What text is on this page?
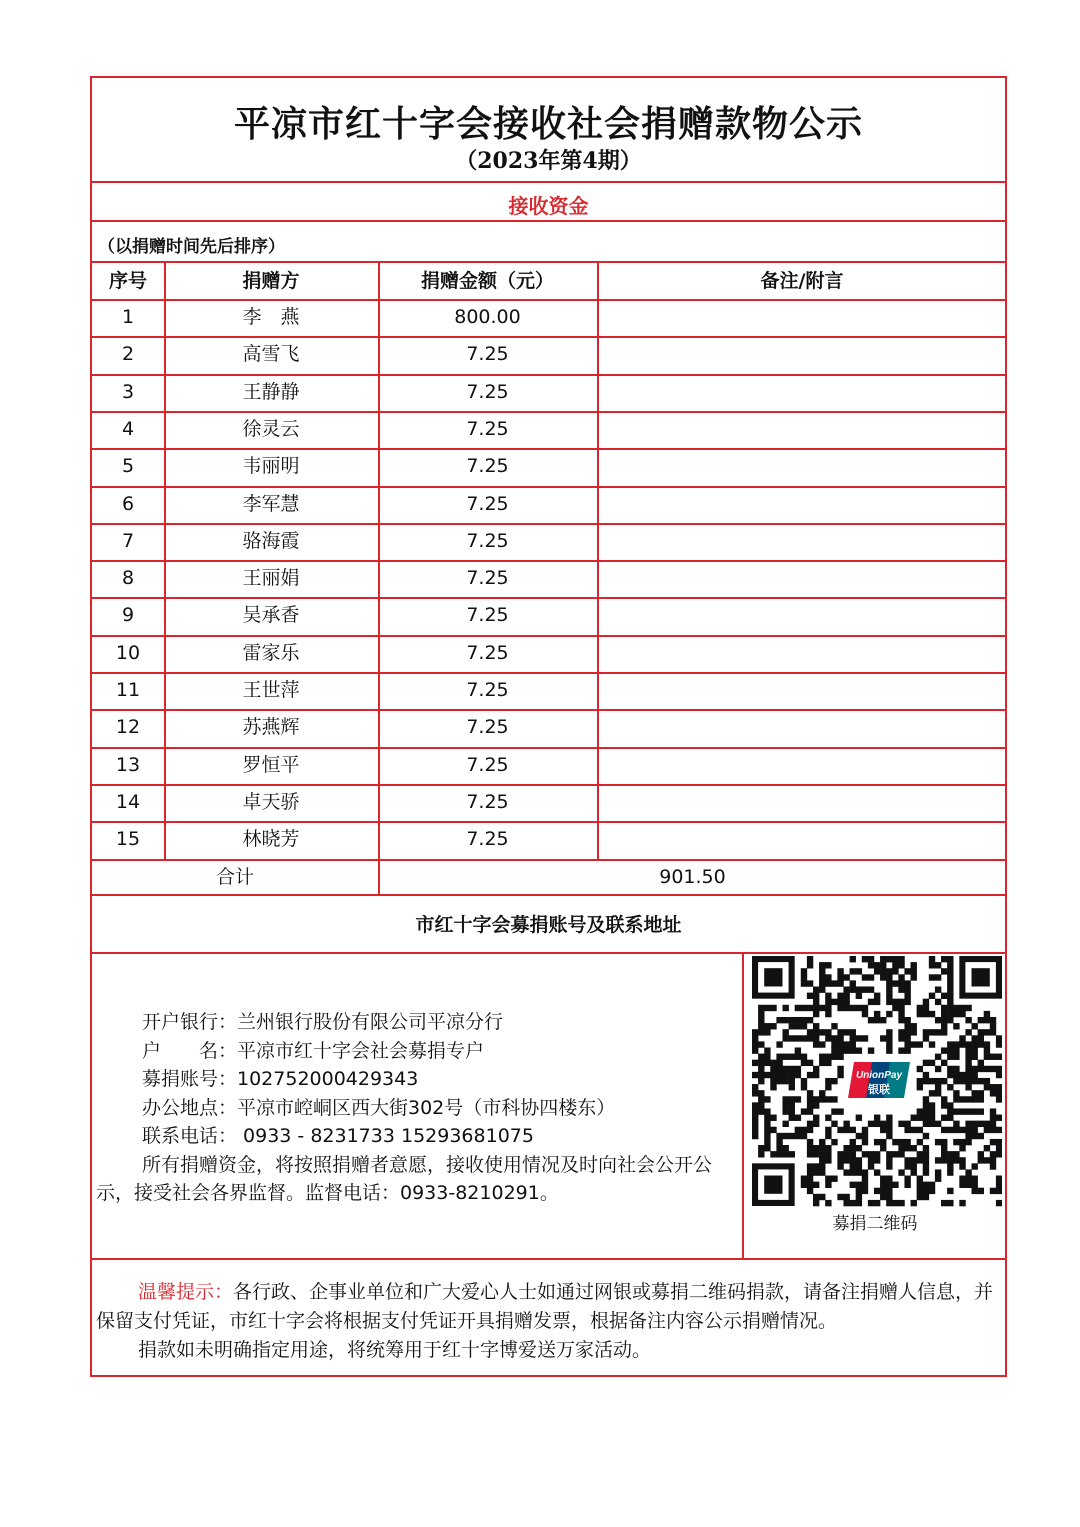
平凉市红十字会接收社会捐赠款物公示
（2023年第4期）
接收资金
（以捐赠时间先后排序）
序号	捐赠方	捐赠金额（元）	备注/附言
1	李　燕	800.00
2	高雪飞	7.25
3	王静静	7.25
4	徐灵云	7.25
5	韦丽明	7.25
6	李军慧	7.25
7	骆海霞	7.25
8	王丽娟	7.25
9	吴承香	7.25
10	雷家乐	7.25
11	王世萍	7.25
12	苏燕辉	7.25
13	罗恒平	7.25
14	卓天骄	7.25
15	林晓芳	7.25
合计	901.50
市红十字会募捐账号及联系地址
开户银行：兰州银行股份有限公司平凉分行
户　　名：平凉市红十字会社会募捐专户
募捐账号：102752000429343
办公地点：平凉市崆峒区西大街302号（市科协四楼东）
联系电话： 0933 - 8231733 15293681075
所有捐赠资金，将按照捐赠者意愿，接收使用情况及时向社会公开公示，接受社会各界监督。监督电话：0933-8210291。
UnionPay
银联
募捐二维码
温馨提示：各行政、企事业单位和广大爱心人士如通过网银或募捐二维码捐款，请备注捐赠人信息，并保留支付凭证，市红十字会将根据支付凭证开具捐赠发票，根据备注内容公示捐赠情况。
捐款如未明确指定用途，将统筹用于红十字博爱送万家活动。
